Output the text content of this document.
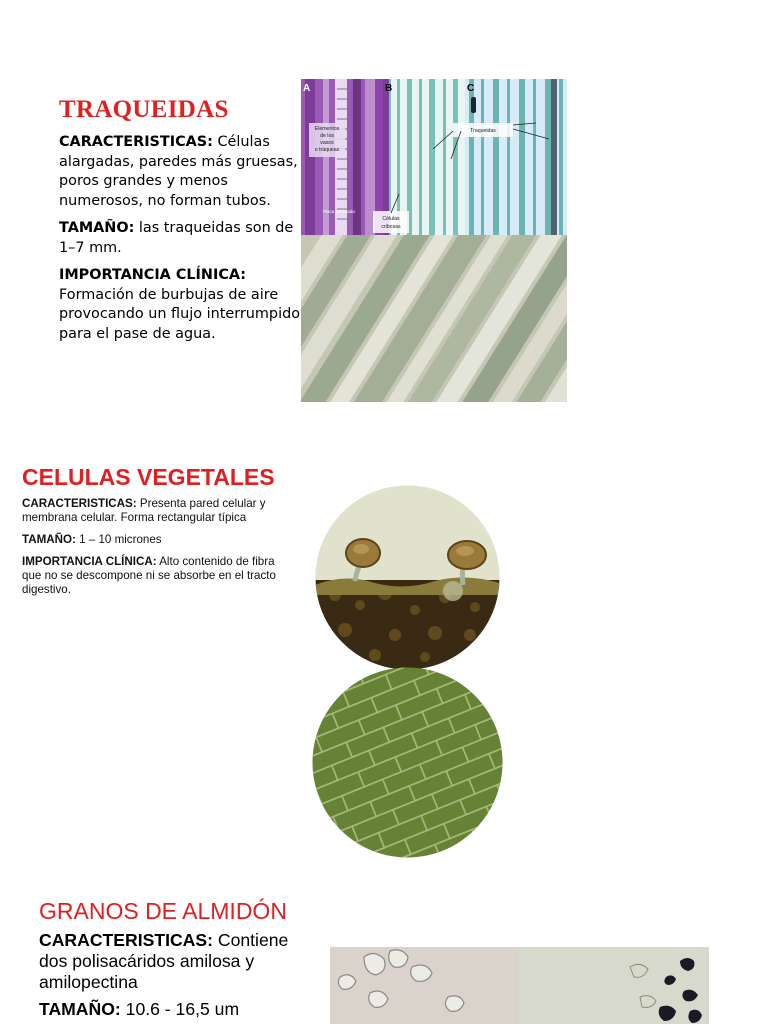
TRAQUEIDAS
CARACTERISTICAS: Células alargadas, paredes más gruesas, poros grandes y menos numerosos, no forman tubos.
TAMAÑO: las traqueidas son de 1–7 mm.
IMPORTANCIA CLÍNICA: Formación de burbujas de aire provocando un flujo interrumpido para el pase de agua.
A	B	C
Elementos
de los
vasos
o tráqueas
Traqueidas
Células
cribosas
Placa perforada
CELULAS VEGETALES
CARACTERISTICAS: Presenta pared celular y membrana celular. Forma rectangular típica
TAMAÑO: 1 – 10 micrones
IMPORTANCIA CLÍNICA: Alto contenido de fibra que no se descompone ni se absorbe en el tracto digestivo.
GRANOS DE ALMIDÓN
CARACTERISTICAS: Contiene dos polisacáridos amilosa y amilopectina
TAMAÑO: 10.6 - 16,5 um
